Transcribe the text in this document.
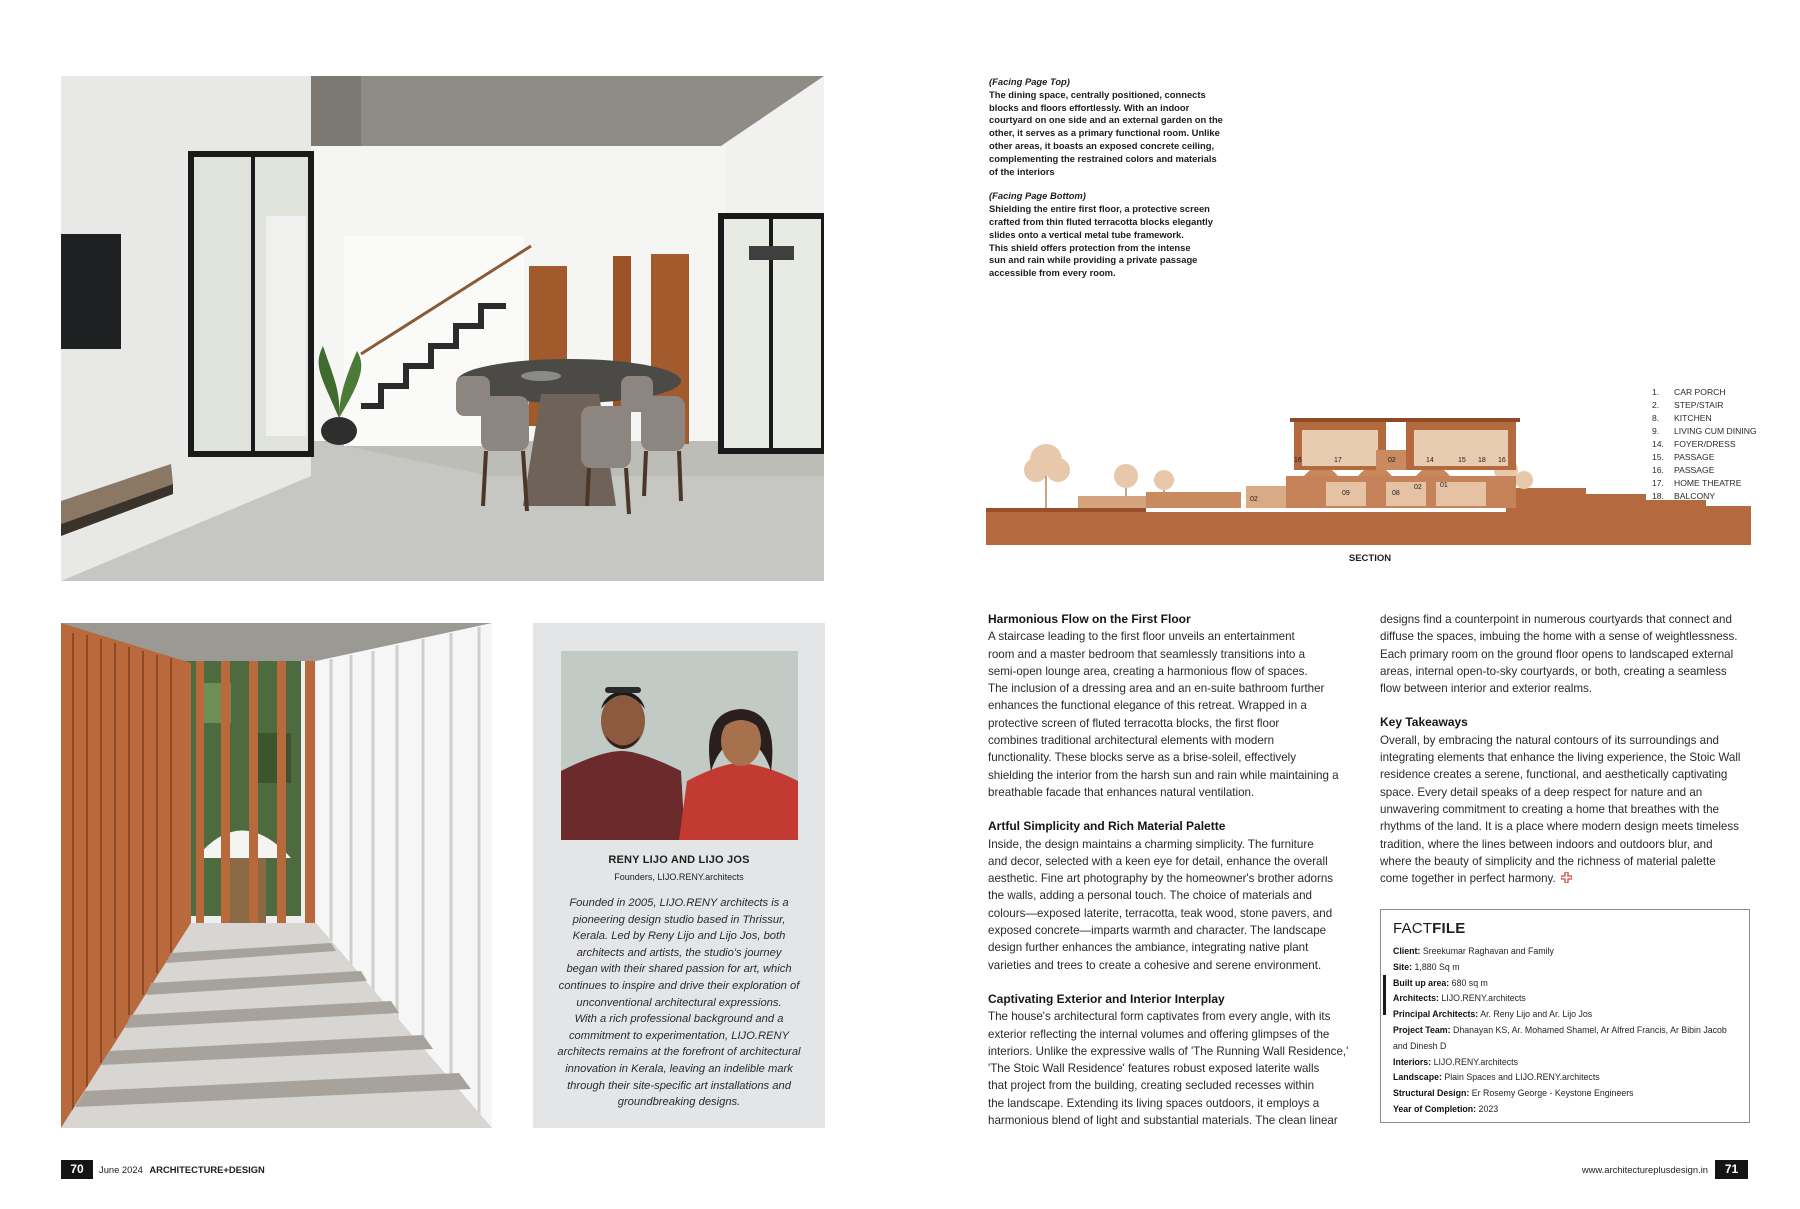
RENY LIJO AND LIJO JOS
Founders, LIJO.RENY.architects
Founded in 2005, LIJO.RENY architects is a
pioneering design studio based in Thrissur,
Kerala. Led by Reny Lijo and Lijo Jos, both
architects and artists, the studio's journey
began with their shared passion for art, which
continues to inspire and drive their exploration of
unconventional architectural expressions.
With a rich professional background and a
commitment to experimentation, LIJO.RENY
architects remains at the forefront of architectural
innovation in Kerala, leaving an indelible mark
through their site-specific art installations and
groundbreaking designs.
70	June 2024 ARCHITECTURE+DESIGN
(Facing Page Top)
The dining space, centrally positioned, connects
blocks and floors effortlessly. With an indoor
courtyard on one side and an external garden on the
other, it serves as a primary functional room. Unlike
other areas, it boasts an exposed concrete ceiling,
complementing the restrained colors and materials
of the interiors
(Facing Page Bottom)
Shielding the entire first floor, a protective screen
crafted from thin fluted terracotta blocks elegantly
slides onto a vertical metal tube framework.
This shield offers protection from the intense
sun and rain while providing a private passage
accessible from every room.
16	17	02	14	15 18 16
02
09	08
02	01
SECTION
1.	CAR PORCH
2.	STEP/STAIR
8.	KITCHEN
9.	LIVING CUM DINING
14.	FOYER/DRESS
15.	PASSAGE
16.	PASSAGE
17.	HOME THEATRE
18.	BALCONY
Harmonious Flow on the First Floor

A staircase leading to the first floor unveils an entertainment
room and a master bedroom that seamlessly transitions into a
semi-open lounge area, creating a harmonious flow of spaces.
The inclusion of a dressing area and an en-suite bathroom further
enhances the functional elegance of this retreat. Wrapped in a
protective screen of fluted terracotta blocks, the first floor
combines traditional architectural elements with modern
functionality. These blocks serve as a brise-soleil, effectively
shielding the interior from the harsh sun and rain while maintaining a
breathable facade that enhances natural ventilation.

Artful Simplicity and Rich Material Palette

Inside, the design maintains a charming simplicity. The furniture
and decor, selected with a keen eye for detail, enhance the overall
aesthetic. Fine art photography by the homeowner's brother adorns
the walls, adding a personal touch. The choice of materials and
colours—exposed laterite, terracotta, teak wood, stone pavers, and
exposed concrete—imparts warmth and character. The landscape
design further enhances the ambiance, integrating native plant
varieties and trees to create a cohesive and serene environment.

Captivating Exterior and Interior Interplay

The house's architectural form captivates from every angle, with its
exterior reflecting the internal volumes and offering glimpses of the
interiors. Unlike the expressive walls of 'The Running Wall Residence,'
'The Stoic Wall Residence' features robust exposed laterite walls
that project from the building, creating secluded recesses within
the landscape. Extending its living spaces outdoors, it employs a
harmonious blend of light and substantial materials. The clean linear

designs find a counterpoint in numerous courtyards that connect and
diffuse the spaces, imbuing the home with a sense of weightlessness.
Each primary room on the ground floor opens to landscaped external
areas, internal open-to-sky courtyards, or both, creating a seamless
flow between interior and exterior realms.

Key Takeaways

Overall, by embracing the natural contours of its surroundings and
integrating elements that enhance the living experience, the Stoic Wall
residence creates a serene, functional, and aesthetically captivating
space. Every detail speaks of a deep respect for nature and an
unwavering commitment to creating a home that breathes with the
rhythms of the land. It is a place where modern design meets timeless
tradition, where the lines between indoors and outdoors blur, and
where the beauty of simplicity and the richness of material palette
come together in perfect harmony.

FACTFILE
Client: Sreekumar Raghavan and Family
Site: 1,880 Sq m
Built up area: 680 sq m
Architects: LIJO.RENY.architects
Principal Architects: Ar. Reny Lijo and Ar. Lijo Jos
Project Team: Dhanayan KS, Ar. Mohamed Shamel, Ar Alfred Francis, Ar Bibin Jacob and Dinesh D
Interiors: LIJO.RENY.architects
Landscape: Plain Spaces and LIJO.RENY.architects
Structural Design: Er Rosemy George - Keystone Engineers
Year of Completion: 2023
www.architectureplusdesign.in	71
